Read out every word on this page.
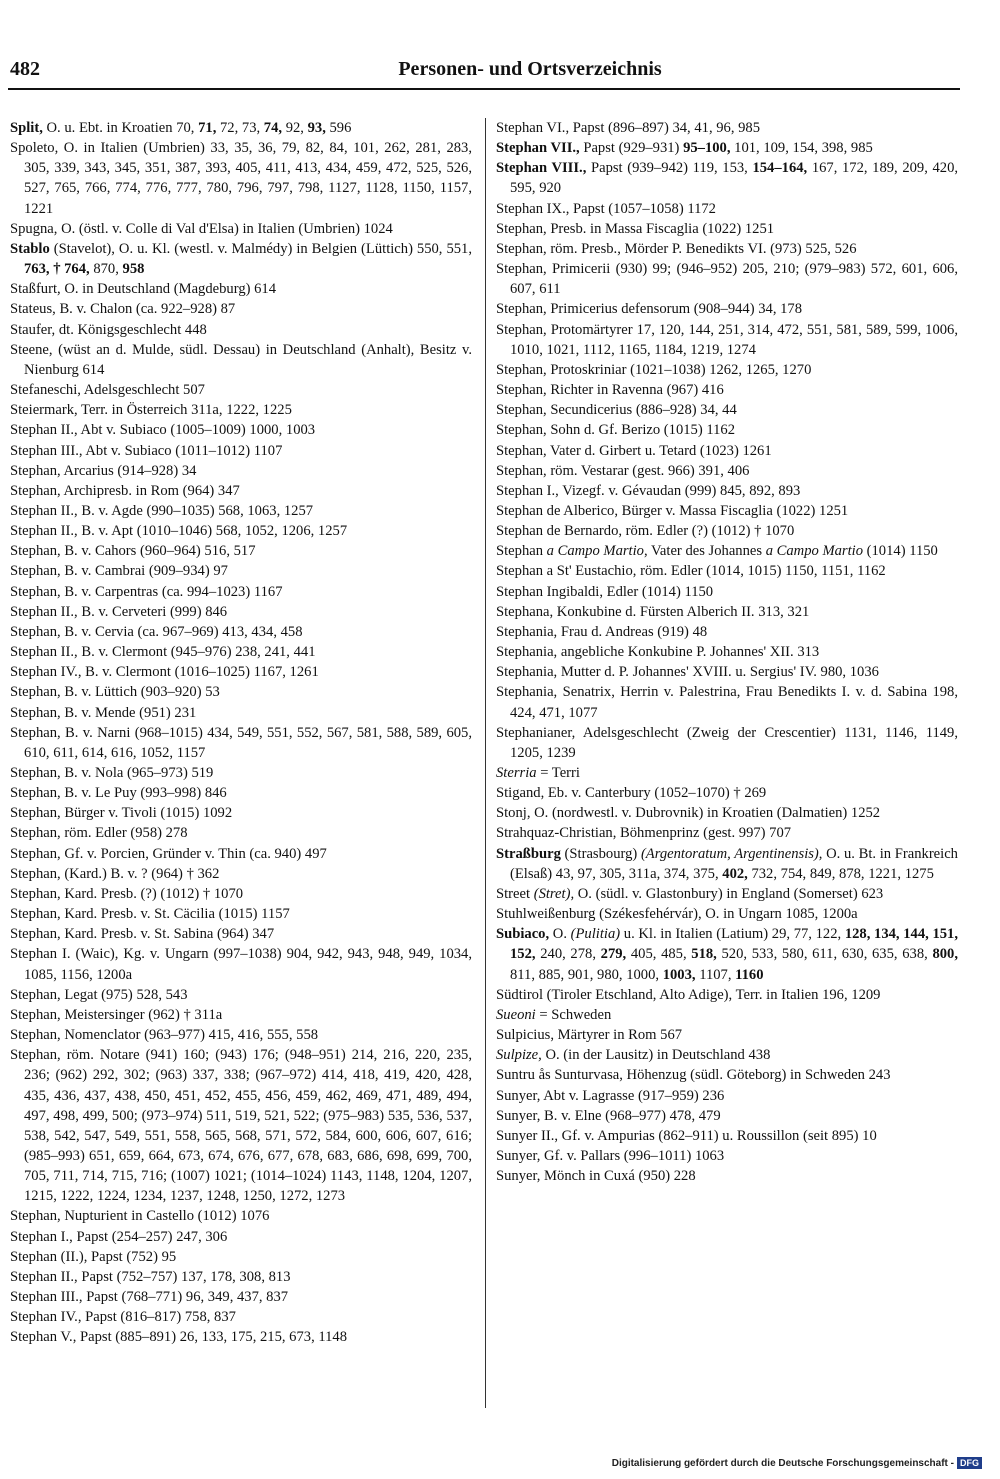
482	Personen- und Ortsverzeichnis

Split, O. u. Ebt. in Kroatien 70, 71, 72, 73, 74, 92, 93, 596

Spoleto, O. in Italien (Umbrien) 33, 35, 36, 79, 82, 84, 101, 262, 281, 283, 305, 339, 343, 345, 351, 387, 393, 405, 411, 413, 434, 459, 472, 525, 526, 527, 765, 766, 774, 776, 777, 780, 796, 797, 798, 1127, 1128, 1150, 1157, 1221

Spugna, O. (östl. v. Colle di Val d'Elsa) in Italien (Umbrien) 1024

Stablo (Stavelot), O. u. Kl. (westl. v. Malmédy) in Belgien (Lüttich) 550, 551, 763, † 764, 870, 958

Staßfurt, O. in Deutschland (Magdeburg) 614

Stateus, B. v. Chalon (ca. 922–928) 87

Staufer, dt. Königsgeschlecht 448

Steene, (wüst an d. Mulde, südl. Dessau) in Deutschland (Anhalt), Besitz v. Nienburg 614

Stefaneschi, Adelsgeschlecht 507

Steiermark, Terr. in Österreich 311a, 1222, 1225

Stephan II., Abt v. Subiaco (1005–1009) 1000, 1003

Stephan III., Abt v. Subiaco (1011–1012) 1107

Stephan, Arcarius (914–928) 34

Stephan, Archipresb. in Rom (964) 347

Stephan II., B. v. Agde (990–1035) 568, 1063, 1257

Stephan II., B. v. Apt (1010–1046) 568, 1052, 1206, 1257

Stephan, B. v. Cahors (960–964) 516, 517

Stephan, B. v. Cambrai (909–934) 97

Stephan, B. v. Carpentras (ca. 994–1023) 1167

Stephan II., B. v. Cerveteri (999) 846

Stephan, B. v. Cervia (ca. 967–969) 413, 434, 458

Stephan II., B. v. Clermont (945–976) 238, 241, 441

Stephan IV., B. v. Clermont (1016–1025) 1167, 1261

Stephan, B. v. Lüttich (903–920) 53

Stephan, B. v. Mende (951) 231

Stephan, B. v. Narni (968–1015) 434, 549, 551, 552, 567, 581, 588, 589, 605, 610, 611, 614, 616, 1052, 1157

Stephan, B. v. Nola (965–973) 519

Stephan, B. v. Le Puy (993–998) 846

Stephan, Bürger v. Tivoli (1015) 1092

Stephan, röm. Edler (958) 278

Stephan, Gf. v. Porcien, Gründer v. Thin (ca. 940) 497

Stephan, (Kard.) B. v. ? (964) † 362

Stephan, Kard. Presb. (?) (1012) † 1070

Stephan, Kard. Presb. v. St. Cäcilia (1015) 1157

Stephan, Kard. Presb. v. St. Sabina (964) 347

Stephan I. (Waic), Kg. v. Ungarn (997–1038) 904, 942, 943, 948, 949, 1034, 1085, 1156, 1200a

Stephan, Legat (975) 528, 543

Stephan, Meistersinger (962) † 311a

Stephan, Nomenclator (963–977) 415, 416, 555, 558

Stephan, röm. Notare (941) 160; (943) 176; (948–951) 214, 216, 220, 235, 236; (962) 292, 302; (963) 337, 338; (967–972) 414, 418, 419, 420, 428, 435, 436, 437, 438, 450, 451, 452, 455, 456, 459, 462, 469, 471, 489, 494, 497, 498, 499, 500; (973–974) 511, 519, 521, 522; (975–983) 535, 536, 537, 538, 542, 547, 549, 551, 558, 565, 568, 571, 572, 584, 600, 606, 607, 616; (985–993) 651, 659, 664, 673, 674, 676, 677, 678, 683, 686, 698, 699, 700, 705, 711, 714, 715, 716; (1007) 1021; (1014–1024) 1143, 1148, 1204, 1207, 1215, 1222, 1224, 1234, 1237, 1248, 1250, 1272, 1273

Stephan, Nupturient in Castello (1012) 1076

Stephan I., Papst (254–257) 247, 306

Stephan (II.), Papst (752) 95

Stephan II., Papst (752–757) 137, 178, 308, 813

Stephan III., Papst (768–771) 96, 349, 437, 837

Stephan IV., Papst (816–817) 758, 837

Stephan V., Papst (885–891) 26, 133, 175, 215, 673, 1148

Stephan VI., Papst (896–897) 34, 41, 96, 985

Stephan VII., Papst (929–931) 95–100, 101, 109, 154, 398, 985

Stephan VIII., Papst (939–942) 119, 153, 154–164, 167, 172, 189, 209, 420, 595, 920

Stephan IX., Papst (1057–1058) 1172

Stephan, Presb. in Massa Fiscaglia (1022) 1251

Stephan, röm. Presb., Mörder P. Benedikts VI. (973) 525, 526

Stephan, Primicerii (930) 99; (946–952) 205, 210; (979–983) 572, 601, 606, 607, 611

Stephan, Primicerius defensorum (908–944) 34, 178

Stephan, Protomärtyrer 17, 120, 144, 251, 314, 472, 551, 581, 589, 599, 1006, 1010, 1021, 1112, 1165, 1184, 1219, 1274

Stephan, Protoskriniar (1021–1038) 1262, 1265, 1270

Stephan, Richter in Ravenna (967) 416

Stephan, Secundicerius (886–928) 34, 44

Stephan, Sohn d. Gf. Berizo (1015) 1162

Stephan, Vater d. Girbert u. Tetard (1023) 1261

Stephan, röm. Vestarar (gest. 966) 391, 406

Stephan I., Vizegf. v. Gévaudan (999) 845, 892, 893

Stephan de Alberico, Bürger v. Massa Fiscaglia (1022) 1251

Stephan de Bernardo, röm. Edler (?) (1012) † 1070

Stephan a Campo Martio, Vater des Johannes a Campo Martio (1014) 1150

Stephan a St' Eustachio, röm. Edler (1014, 1015) 1150, 1151, 1162

Stephan Ingibaldi, Edler (1014) 1150

Stephana, Konkubine d. Fürsten Alberich II. 313, 321

Stephania, Frau d. Andreas (919) 48

Stephania, angebliche Konkubine P. Johannes' XII. 313

Stephania, Mutter d. P. Johannes' XVIII. u. Sergius' IV. 980, 1036

Stephania, Senatrix, Herrin v. Palestrina, Frau Benedikts I. v. d. Sabina 198, 424, 471, 1077

Stephanianer, Adelsgeschlecht (Zweig der Crescentier) 1131, 1146, 1149, 1205, 1239

Sterria = Terri

Stigand, Eb. v. Canterbury (1052–1070) † 269

Stonj, O. (nordwestl. v. Dubrovnik) in Kroatien (Dalmatien) 1252

Strahquaz-Christian, Böhmenprinz (gest. 997) 707

Straßburg (Strasbourg) (Argentoratum, Argentinensis), O. u. Bt. in Frankreich (Elsaß) 43, 97, 305, 311a, 374, 375, 402, 732, 754, 849, 878, 1221, 1275

Street (Stret), O. (südl. v. Glastonbury) in England (Somerset) 623

Stuhlweißenburg (Székesfehérvár), O. in Ungarn 1085, 1200a

Subiaco, O. (Pulitia) u. Kl. in Italien (Latium) 29, 77, 122, 128, 134, 144, 151, 152, 240, 278, 279, 405, 485, 518, 520, 533, 580, 611, 630, 635, 638, 800, 811, 885, 901, 980, 1000, 1003, 1107, 1160

Südtirol (Tiroler Etschland, Alto Adige), Terr. in Italien 196, 1209

Sueoni = Schweden

Sulpicius, Märtyrer in Rom 567

Sulpize, O. (in der Lausitz) in Deutschland 438

Suntru ås Sunturvasa, Höhenzug (südl. Göteborg) in Schweden 243

Sunyer, Abt v. Lagrasse (917–959) 236

Sunyer, B. v. Elne (968–977) 478, 479

Sunyer II., Gf. v. Ampurias (862–911) u. Roussillon (seit 895) 10

Sunyer, Gf. v. Pallars (996–1011) 1063

Sunyer, Mönch in Cuxá (950) 228

Digitalisierung gefördert durch die Deutsche Forschungsgemeinschaft - DFG
